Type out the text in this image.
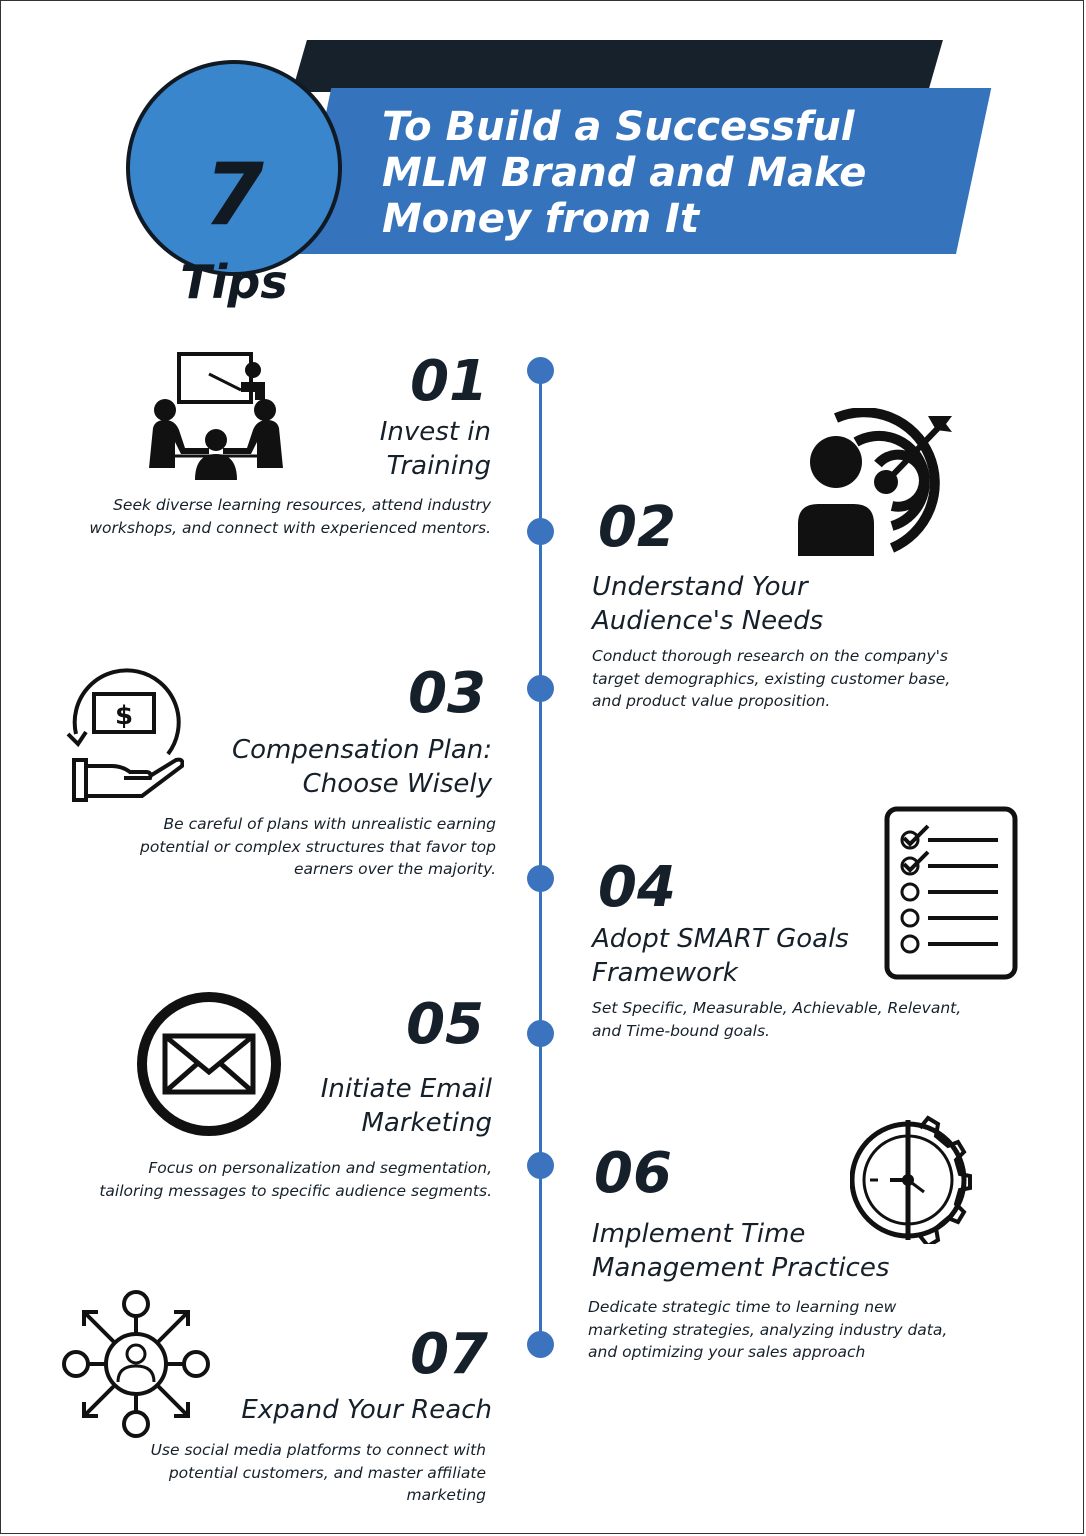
To Build a Successful
MLM Brand and Make
Money from It
7
Tips
01
Invest in
Training
Seek diverse learning resources, attend industry
workshops, and connect with experienced mentors. 02
Understand Your
Audience's Needs
Conduct thorough research on the company's
target demographics, existing customer base,
and product value proposition.
$	03
Compensation Plan:
Choose Wisely
Be careful of plans with unrealistic earning
potential or complex structures that favor top
earners over the majority. 04
Adopt SMART Goals
Framework
Set Specific, Measurable, Achievable, Relevant,
and Time-bound goals.
05
Initiate Email
Marketing
Focus on personalization and segmentation,
tailoring messages to specific audience segments. 06
Implement Time
Management Practices
Dedicate strategic time to learning new
marketing strategies, analyzing industry data,
and optimizing your sales approach
07
Expand Your Reach
Use social media platforms to connect with
potential customers, and master affiliate
marketing
